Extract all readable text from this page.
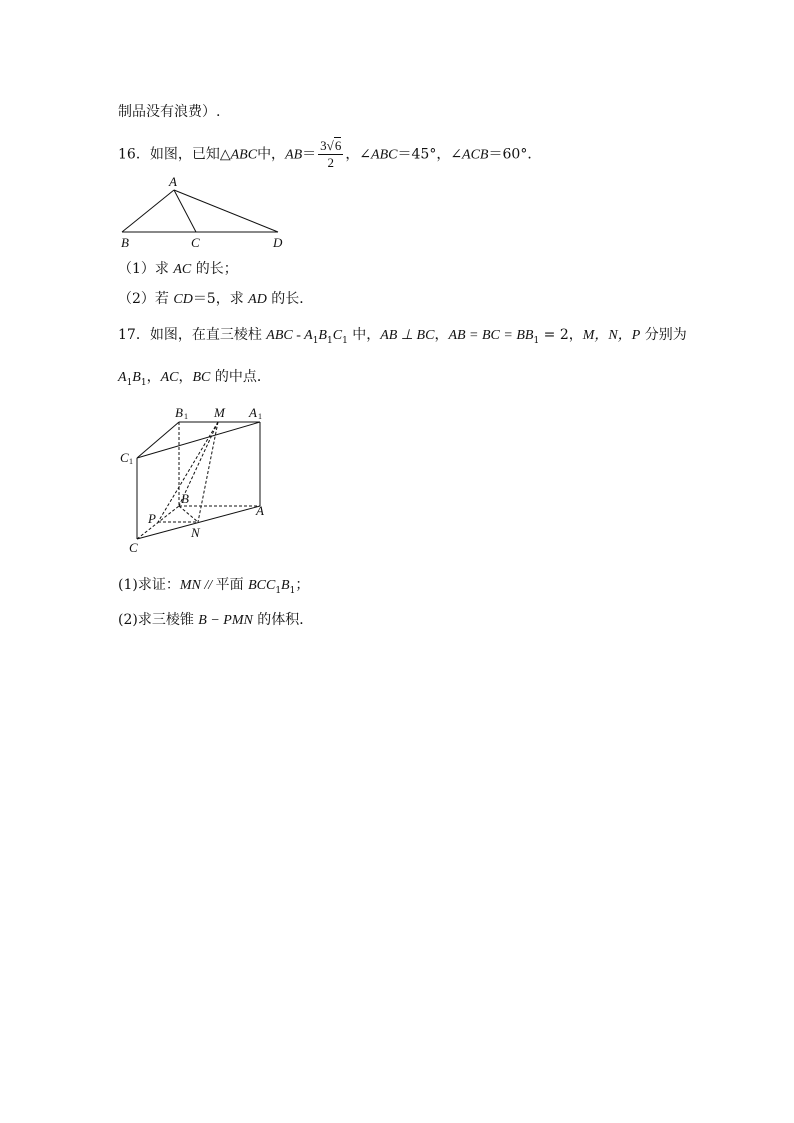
制品没有浪费）.
16．如图，已知△ABC中，$AB= \frac{3√6}{2}$ ，∠ABC＝45°，∠ACB＝60°．
A
B	C	D
（1）求 AC 的长；
（2）若 CD＝5，求 AD 的长．
17．如图，在直三棱柱 ABC - $A_1B_1C_1$ 中，AB ⊥ BC，AB = BC = $BB_1 = 2$，M，N，P 分别为
$A_1B_1$，AC，BC 的中点．
B 1 M A 1
C 1
B
A
P
N
C
(1)求证：MN // 平面 $BCC_1B_1$；
(2)求三棱锥 B − PMN 的体积．
